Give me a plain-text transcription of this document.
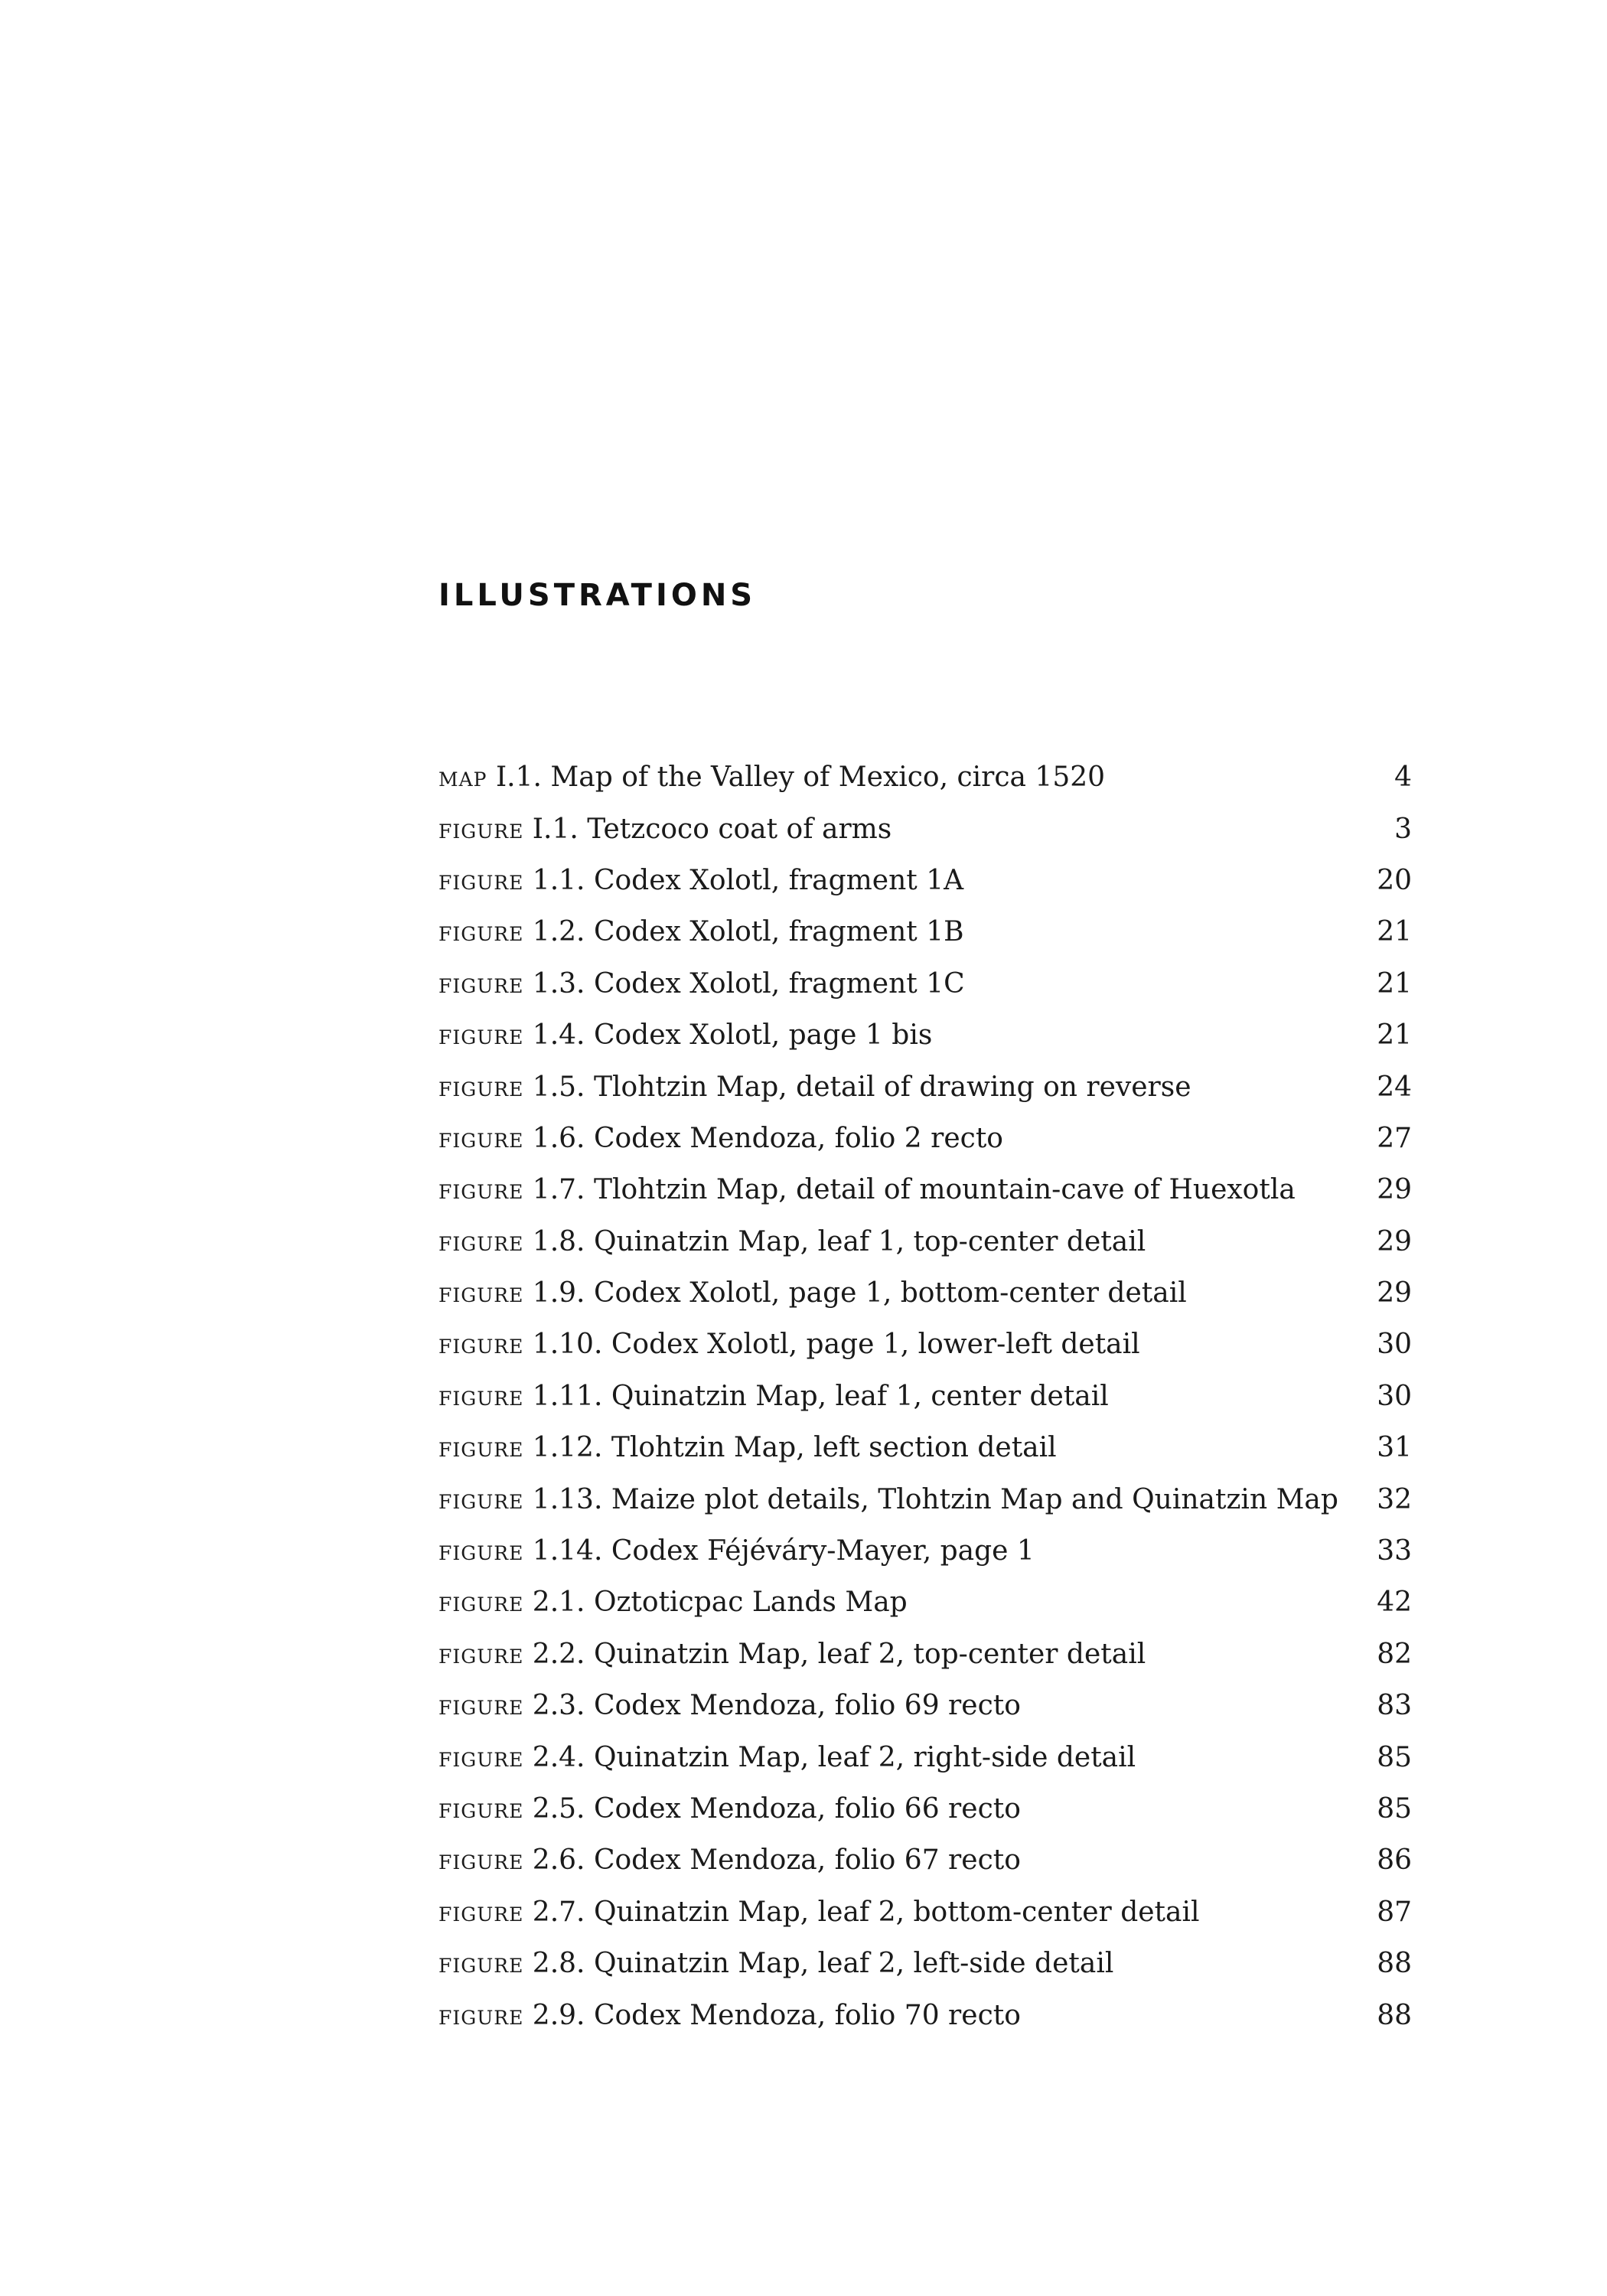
ILLUSTRATIONS
map I.1. Map of the Valley of Mexico, circa 1520	4
figure I.1. Tetzcoco coat of arms	3
figure 1.1. Codex Xolotl, fragment 1A	20
figure 1.2. Codex Xolotl, fragment 1B	21
figure 1.3. Codex Xolotl, fragment 1C	21
figure 1.4. Codex Xolotl, page 1 bis	21
figure 1.5. Tlohtzin Map, detail of drawing on reverse	24
figure 1.6. Codex Mendoza, folio 2 recto	27
figure 1.7. Tlohtzin Map, detail of mountain-cave of Huexotla	29
figure 1.8. Quinatzin Map, leaf 1, top-center detail	29
figure 1.9. Codex Xolotl, page 1, bottom-center detail	29
figure 1.10. Codex Xolotl, page 1, lower-left detail	30
figure 1.11. Quinatzin Map, leaf 1, center detail	30
figure 1.12. Tlohtzin Map, left section detail	31
figure 1.13. Maize plot details, Tlohtzin Map and Quinatzin Map 32
figure 1.14. Codex Féjéváry-Mayer, page 1	33
figure 2.1. Oztoticpac Lands Map	42
figure 2.2. Quinatzin Map, leaf 2, top-center detail	82
figure 2.3. Codex Mendoza, folio 69 recto	83
figure 2.4. Quinatzin Map, leaf 2, right-side detail	85
figure 2.5. Codex Mendoza, folio 66 recto	85
figure 2.6. Codex Mendoza, folio 67 recto	86
figure 2.7. Quinatzin Map, leaf 2, bottom-center detail	87
figure 2.8. Quinatzin Map, leaf 2, left-side detail	88
figure 2.9. Codex Mendoza, folio 70 recto	88
